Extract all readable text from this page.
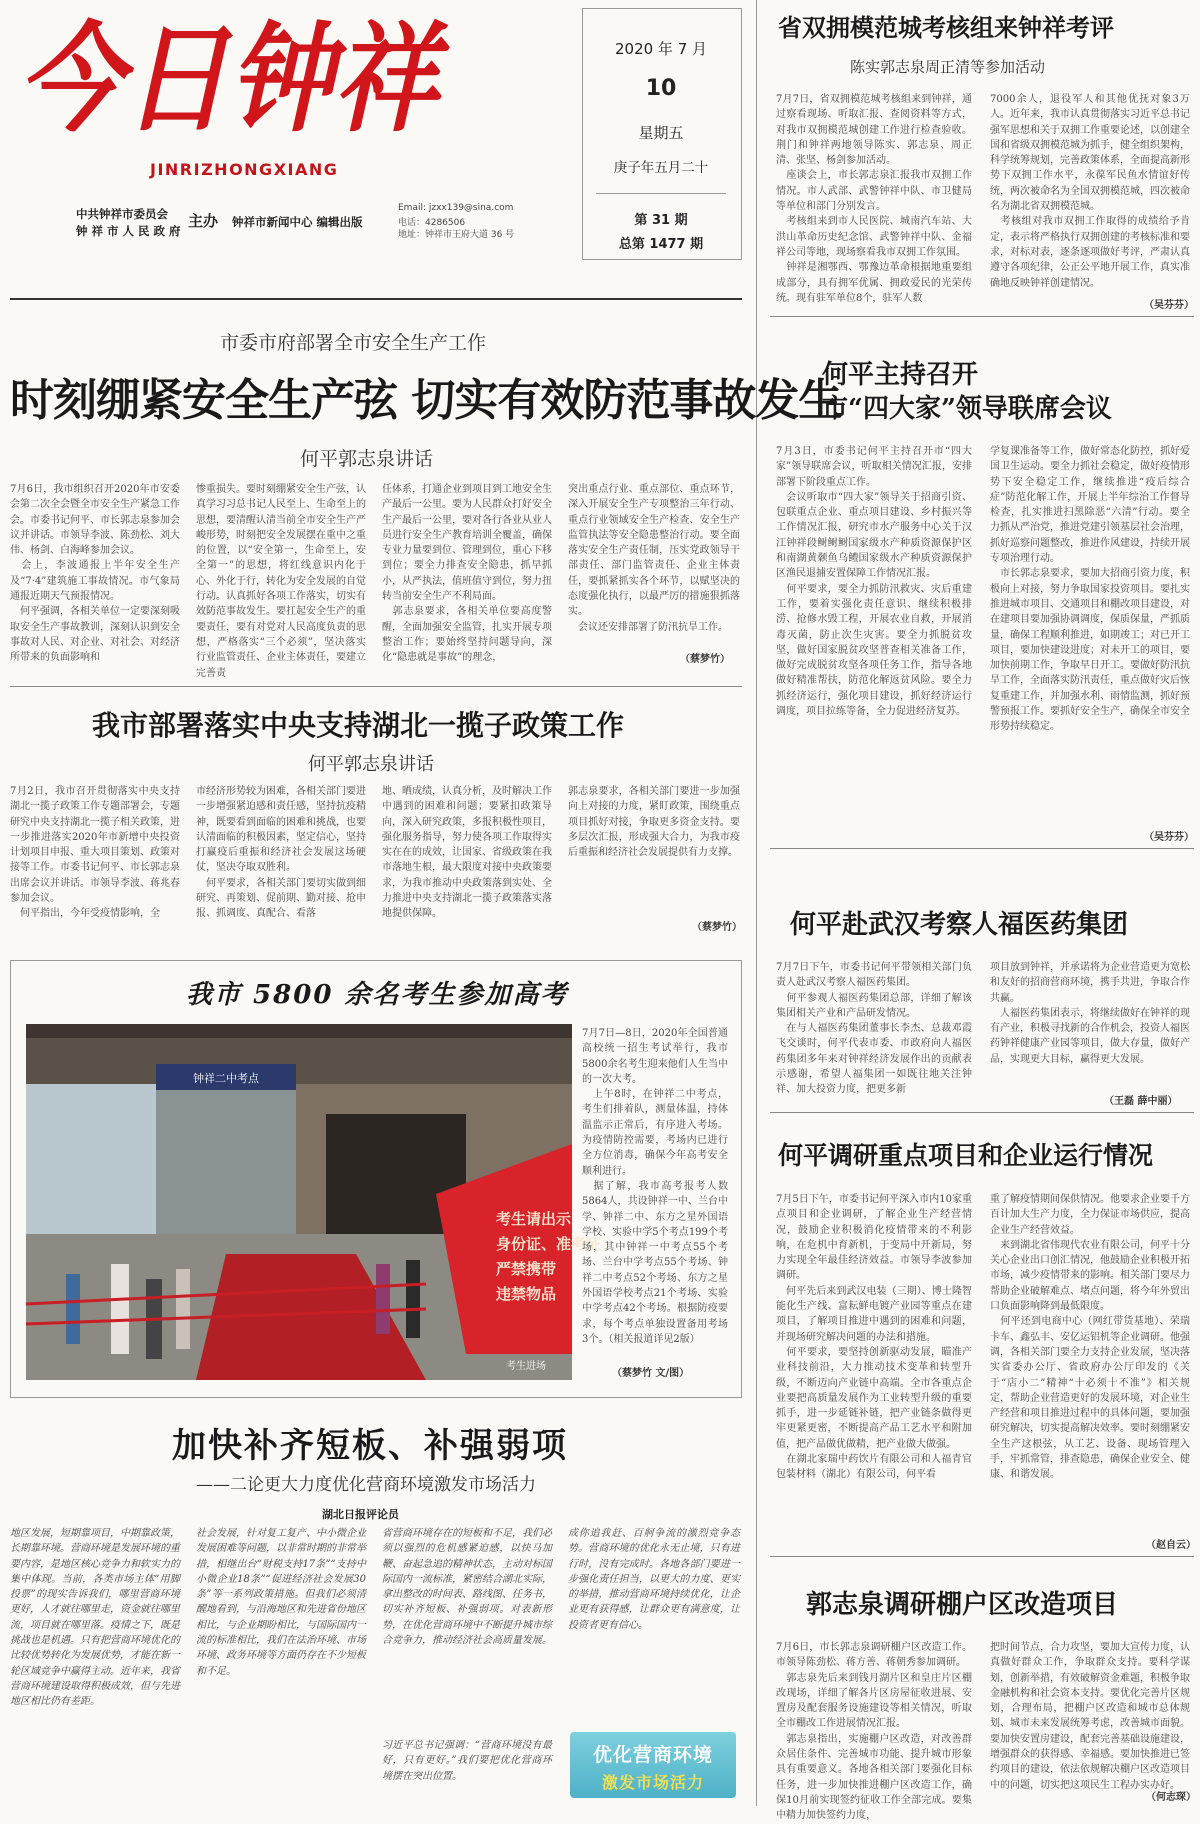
今日钟祥
JINRIZHONGXIANG
中共钟祥市委员会
钟 祥 市 人 民 政 府
主办 钟祥市新闻中心 编辑出版
Email: jzxx139@sina.com
电话：4286506
地址：钟祥市王府大道 36 号
2020 年 7 月
10
星期五
庚子年五月二十
第 31 期
总第 1477 期
市委市府部署全市安全生产工作
时刻绷紧安全生产弦 切实有效防范事故发生
何平郭志泉讲话
7月6日，我市组织召开2020年市安委会第二次全会暨全市安全生产紧急工作会。市委书记何平、市长郭志泉参加会议并讲话。市领导李波、陈劲松、刘大伟、杨剑、白海峰参加会议。
　会上，李波通报上半年安全生产及“7·4”建筑施工事故情况。市气象局通报近期天气预报情况。
　何平强调，各相关单位一定要深刻吸取安全生产事故教训，深刻认识到安全事故对人民、对企业、对社会、对经济所带来的负面影响和
惨重损失。要时刻绷紧安全生产弦，认真学习习总书记人民至上、生命至上的思想，要清醒认清当前全市安全生产严峻形势，时刻把安全发展摆在重中之重的位置，以“安全第一，生命至上，安全第一”的思想，将红线意识内化于心、外化于行，转化为安全发展的自觉行动。认真抓好各项工作落实，切实有效防范事故发生。要扛起安全生产的重要责任，要有对党对人民高度负责的思想，严格落实“三个必须”，坚决落实行业监管责任、企业主体责任，要建立完善责
任体系，打通企业到项目到工地安全生产最后一公里。要为人民群众打好安全生产最后一公里，要对各行各业从业人员进行安全生产教育培训全覆盖，确保专业力量要到位、管理到位，重心下移到位；要全力排查安全隐患，抓早抓小，从严执法，值班值守到位，努力扭转当前安全生产不利局面。
　郭志泉要求，各相关单位要高度警醒，全面加强安全监管，扎实开展专项整治工作；要始终坚持问题导向，深化“隐患就是事故”的理念，
突出重点行业、重点部位、重点环节，深入开展安全生产专项整治三年行动、重点行业领域安全生产检查、安全生产监管执法等安全隐患整治行动。要全面落实安全生产责任制，压实党政领导干部责任、部门监管责任、企业主体责任，要抓紧抓实各个环节，以赋坚决的态度强化执行，以最严厉的措施狠抓落实。
　会议还安排部署了防汛抗旱工作。
（蔡梦竹）
我市部署落实中央支持湖北一揽子政策工作
何平郭志泉讲话
7月2日，我市召开贯彻落实中央支持湖北一揽子政策工作专题部署会，专题研究中央支持湖北一揽子相关政策，进一步推进落实2020年市新增中央投资计划项目申报、重大项目策划、政策对接等工作。市委书记何平、市长郭志泉出席会议并讲话。市领导李波、蒋兆春参加会议。
　何平指出，今年受疫情影响，全
市经济形势较为困难，各相关部门要进一步增强紧迫感和责任感，坚持抗疫精神，既要看到面临的困难和挑战，也要认清面临的积极因素，坚定信心，坚持打赢疫后重振和经济社会发展这场硬仗，坚决夺取双胜利。
　何平要求，各相关部门要切实做到细研究、再策划、促前期、勤对接、抢申报、抓调度、真配合、看落
地、晒成绩，认真分析，及时解决工作中遇到的困难和问题；要紧扣政策导向，深入研究政策，多报积极性项目，强化服务指导，努力使各项工作取得实实在在的成效，让国家、省级政策在我市落地生根，最大限度对接中央政策要求，为我市推动中央政策落到实处、全力推进中央支持湖北一揽子政策落实落地提供保障。
郭志泉要求，各相关部门要进一步加强向上对接的力度，紧盯政策，围绕重点项目抓好对接，争取更多资金支持。要多层次汇报，形成强大合力，为我市疫后重振和经济社会发展提供有力支撑。
（蔡梦竹）
我市 5800 余名考生参加高考
钟祥二中考点
考生请出示
身份证、准考证
严禁携带
违禁物品
考生进场
7月7日—8日，2020年全国普通高校统一招生考试举行，我市5800余名考生迎来他们人生当中的一次大考。
　上午8时，在钟祥二中考点，考生们排着队，测量体温，持体温监示正常后，有序进入考场。为疫情防控需要，考场内已进行全方位消毒，确保今年高考安全顺利进行。
　据了解，我市高考报考人数5864人，共设钟祥一中、兰台中学、钟祥二中、东方之星外国语学校、实验中学5个考点199个考场，其中钟祥一中考点55个考场、兰台中学考点55个考场、钟祥二中考点52个考场、东方之星外国语学校考点21个考场、实验中学考点42个考场。根据防疫要求，每个考点单独设置备用考场3个。（相关报道详见2版）
（蔡梦竹 文/图）
加快补齐短板、补强弱项
——二论更大力度优化营商环境激发市场活力
湖北日报评论员
地区发展，短期靠项目，中期靠政策，长期靠环境。营商环境是发展环境的重要内容，是地区核心竞争力和软实力的集中体现。当前，各类市场主体“用脚投票”的现实告诉我们，哪里营商环境更好，人才就往哪里走，资金就往哪里流，项目就在哪里落。疫情之下，既是挑战也是机遇。只有把营商环境优化的比较优势转化为发展优势，才能在新一轮区域竞争中赢得主动。近年来，我省营商环境建设取得积极成效，但与先进地区相比仍有差距。
社会发展，针对复工复产、中小微企业发展困难等问题，以非常时期的非常举措，相继出台“财税支持17条”“支持中小微企业18条”“促进经济社会发展30条”等一系列政策措施。但我们必须清醒地看到，与沿海地区和先进省份地区相比，与企业期盼相比，与国际国内一流的标准相比，我们在法治环境、市场环境、政务环境等方面仍存在不少短板和不足。
省营商环境存在的短板和不足，我们必须以强烈的危机感紧迫感，以快马加鞭、奋起急追的精神状态，主动对标国际国内一流标准，紧密结合湖北实际，拿出整改的时间表、路线图、任务书，切实补齐短板、补强弱项。对表新形势，在优化营商环境中不断提升城市综合竞争力，推动经济社会高质量发展。
习近平总书记强调：“营商环境没有最好，只有更好。”我们要把优化营商环境摆在突出位置。
成你追我赶、百舸争流的激烈竞争态势。营商环境的优化永无止境，只有进行时，没有完成时。各地各部门要进一步强化责任担当，以更大的力度、更实的举措，推动营商环境持续优化，让企业更有获得感，让群众更有满意度，让投资者更有信心。
优化营商环境
激发市场活力
省双拥模范城考核组来钟祥考评
陈实郭志泉周正清等参加活动
7月7日，省双拥模范城考核组来到钟祥，通过察看现场、听取汇报、查阅资料等方式，对我市双拥模范城创建工作进行检查验收。荆门和钟祥两地领导陈实、郭志泉、周正清、张坚、杨剑参加活动。
　座谈会上，市长郭志泉汇报我市双拥工作情况。市人武部、武警钟祥中队、市卫健局等单位和部门分别发言。
　考核组来到市人民医院、城南汽车站、大洪山革命历史纪念馆、武警钟祥中队、金福祥公司等地，现场察看我市双拥工作氛围。
　钟祥是湘鄂西、鄂豫边革命根据地重要组成部分，具有拥军优属、拥政爱民的光荣传统。现有驻军单位8个，驻军人数
7000余人，退役军人和其他优抚对象3万人。近年来，我市认真贯彻落实习近平总书记强军思想和关于双拥工作重要论述，以创建全国和省级双拥模范城为抓手，健全组织架构，科学统筹规划，完善政策体系，全面提高新形势下双拥工作水平，永葆军民鱼水情谊好传统，两次被命名为全国双拥模范城，四次被命名为湖北省双拥模范城。
　考核组对我市双拥工作取得的成绩给予肯定，表示将严格执行双拥创建的考核标准和要求，对标对表，逐条逐项做好考评，严肃认真遵守各项纪律，公正公平地开展工作，真实准确地反映钟祥创建情况。
（吴芬芬）
何平主持召开
市“四大家”领导联席会议
7月3日，市委书记何平主持召开市“四大家”领导联席会议，听取相关情况汇报，安排部署下阶段重点工作。
　会议听取市“四大家”领导关于招商引资、包联重点企业、重点项目建设、乡村振兴等工作情况汇报，研究市水产服务中心关于汉江钟祥段鲥鲥鲥国家级水产种质资源保护区和南湖黄颡鱼乌鳢国家级水产种质资源保护区渔民退捕安置保障工作情况汇报。
　何平要求，要全力抓防汛救灾、灾后重建工作，要着实强化责任意识、继续积极排涝、抢修水毁工程，开展农业自救，开展消毒灭菌，防止次生灾害。要全力抓脱贫攻坚，做好国家脱贫攻坚普查相关准备工作，做好完成脱贫攻坚各项任务工作，指导各地做好精准帮扶，防范化解返贫风险。要全力抓经济运行，强化项目建设，抓好经济运行调度，项目拉练等备，全力促进经济复苏。
学复课准备等工作，做好常态化防控，抓好爱国卫生运动。要全力抓社会稳定，做好疫情形势下安全稳定工作，继续推进“疫后综合症”防范化解工作，开展上半年综治工作督导检查，扎实推进扫黑除恶“六清”行动。要全力抓从严治党，推进党建引领基层社会治理，抓好巡察问题整改，推进作风建设，持续开展专项治理行动。
　市长郭志泉要求，要加大招商引资力度，积极向上对接，努力争取国家投资项目。要扎实推进城市项目、交通项目和棚改项目建设，对在建项目要加强协调调度，保质保量，严抓质量，确保工程顺利推进，如期竣工；对已开工项目，要加快建设进度；对未开工的项目，要加快前期工作，争取早日开工。要做好防汛抗旱工作，全面落实防汛责任，重点做好灾后恢复重建工作，并加强水利、雨情监测，抓好预警预报工作。要抓好安全生产，确保全市安全形势持续稳定。
（吴芬芬）
何平赴武汉考察人福医药集团
7月7日下午，市委书记何平带领相关部门负责人赴武汉考察人福医药集团。
　何平参观人福医药集团总部，详细了解该集团相关产业和产品研发情况。
　在与人福医药集团董事长李杰、总裁邓霞飞交谈时，何平代表市委、市政府向人福医药集团多年来对钟祥经济发展作出的贡献表示感谢，希望人福集团一如既往地关注钟祥、加大投资力度，把更多新
项目放到钟祥，并承诺将为企业营造更为宽松和友好的招商营商环境，携手共进，争取合作共赢。
　人福医药集团表示，将继续做好在钟祥的现有产业，积极寻找新的合作机会，投资人福医药钟祥健康产业园等项目，做大存量，做好产品，实现更大目标，赢得更大发展。
（王磊 薛中丽）
何平调研重点项目和企业运行情况
7月5日下午，市委书记何平深入市内10家重点项目和企业调研，了解企业生产经营情况，鼓励企业积极消化疫情带来的不利影响，在危机中育新机，于变局中开新局，努力实现全年最佳经济效益。市领导李波参加调研。
　何平先后来到武汉电装（三期）、博士隆智能化生产线、富耘鲜电镀产业园等重点在建项目，了解项目推进中遇到的困难和问题，并现场研究解决问题的办法和措施。
　何平要求，要坚持创新驱动发展，瞄准产业科技前沿，大力推动技术变革和转型升级，不断迈向产业链中高端。全市各重点企业要把高质量发展作为工业转型升级的重要抓手，进一步延链补链，把产业链条做得更牢更紧更密，不断提高产品工艺水平和附加值，把产品做优做精，把产业做大做强。
　在湖北家瑞中药饮片有限公司和人福青官包装材料（湖北）有限公司，何平看
重了解疫情期间保供情况。他要求企业要千方百计加大生产力度，全力保证市场供应，提高企业生产经营效益。
　来到湖北省伟现代农业有限公司，何平十分关心企业出口创汇情况，他鼓励企业积极开拓市场，减少疫情带来的影响。相关部门要尽力帮助企业破解难点、堵点问题，将今年外贸出口负面影响降到最低限度。
　何平还到电商中心（网红带货基地）、荣瑞卡车、鑫弘丰、安亿运铝机等企业调研。他强调，各相关部门要全力支持企业发展，坚决落实省委办公厅、省政府办公厅印发的《关于“店小二”精神“十必须十不准”》相关规定，帮助企业营造更好的发展环境，对企业生产经营和项目推进过程中的具体问题，要加强研究解决，切实提高解决效率。要时刻绷紧安全生产这根弦，从工艺、设备、现场管理入手，牢抓常管，排查隐患，确保企业安全、健康、和谐发展。
（赵自云）
郭志泉调研棚户区改造项目
7月6日，市长郭志泉调研棚户区改造工作。市领导陈劲松、蒋方善、蒋朝秀参加调研。
　郭志泉先后来到钱月湖片区和皇庄片区棚改现场，详细了解各片区房屋征收进展、安置房及配套服务设施建设等相关情况，听取全市棚改工作进展情况汇报。
　郭志泉指出，实施棚户区改造，对改善群众居住条件、完善城市功能、提升城市形象具有重要意义。各地各相关部门要强化目标任务，进一步加快推进棚户区改造工作，确保10月前实现签约征收工作全部完成。要集中精力加快签约力度，
把时间节点，合力攻坚，要加大宣传力度，认真做好群众工作，争取群众支持。要科学谋划，创新举措，有效破解资金难题，积极争取金融机构和社会资本支持。要优化完善片区规划，合理布局，把棚户区改造和城市总体规划、城市未来发展统筹考虑，改善城市面貌。要加快安置房建设，配套完善基础设施建设，增强群众的获得感、幸福感。要加快推进已签约项目的建设，依法依规解决棚户区改造项目中的问题，切实把这项民生工程办实办好。
（何志琛）
